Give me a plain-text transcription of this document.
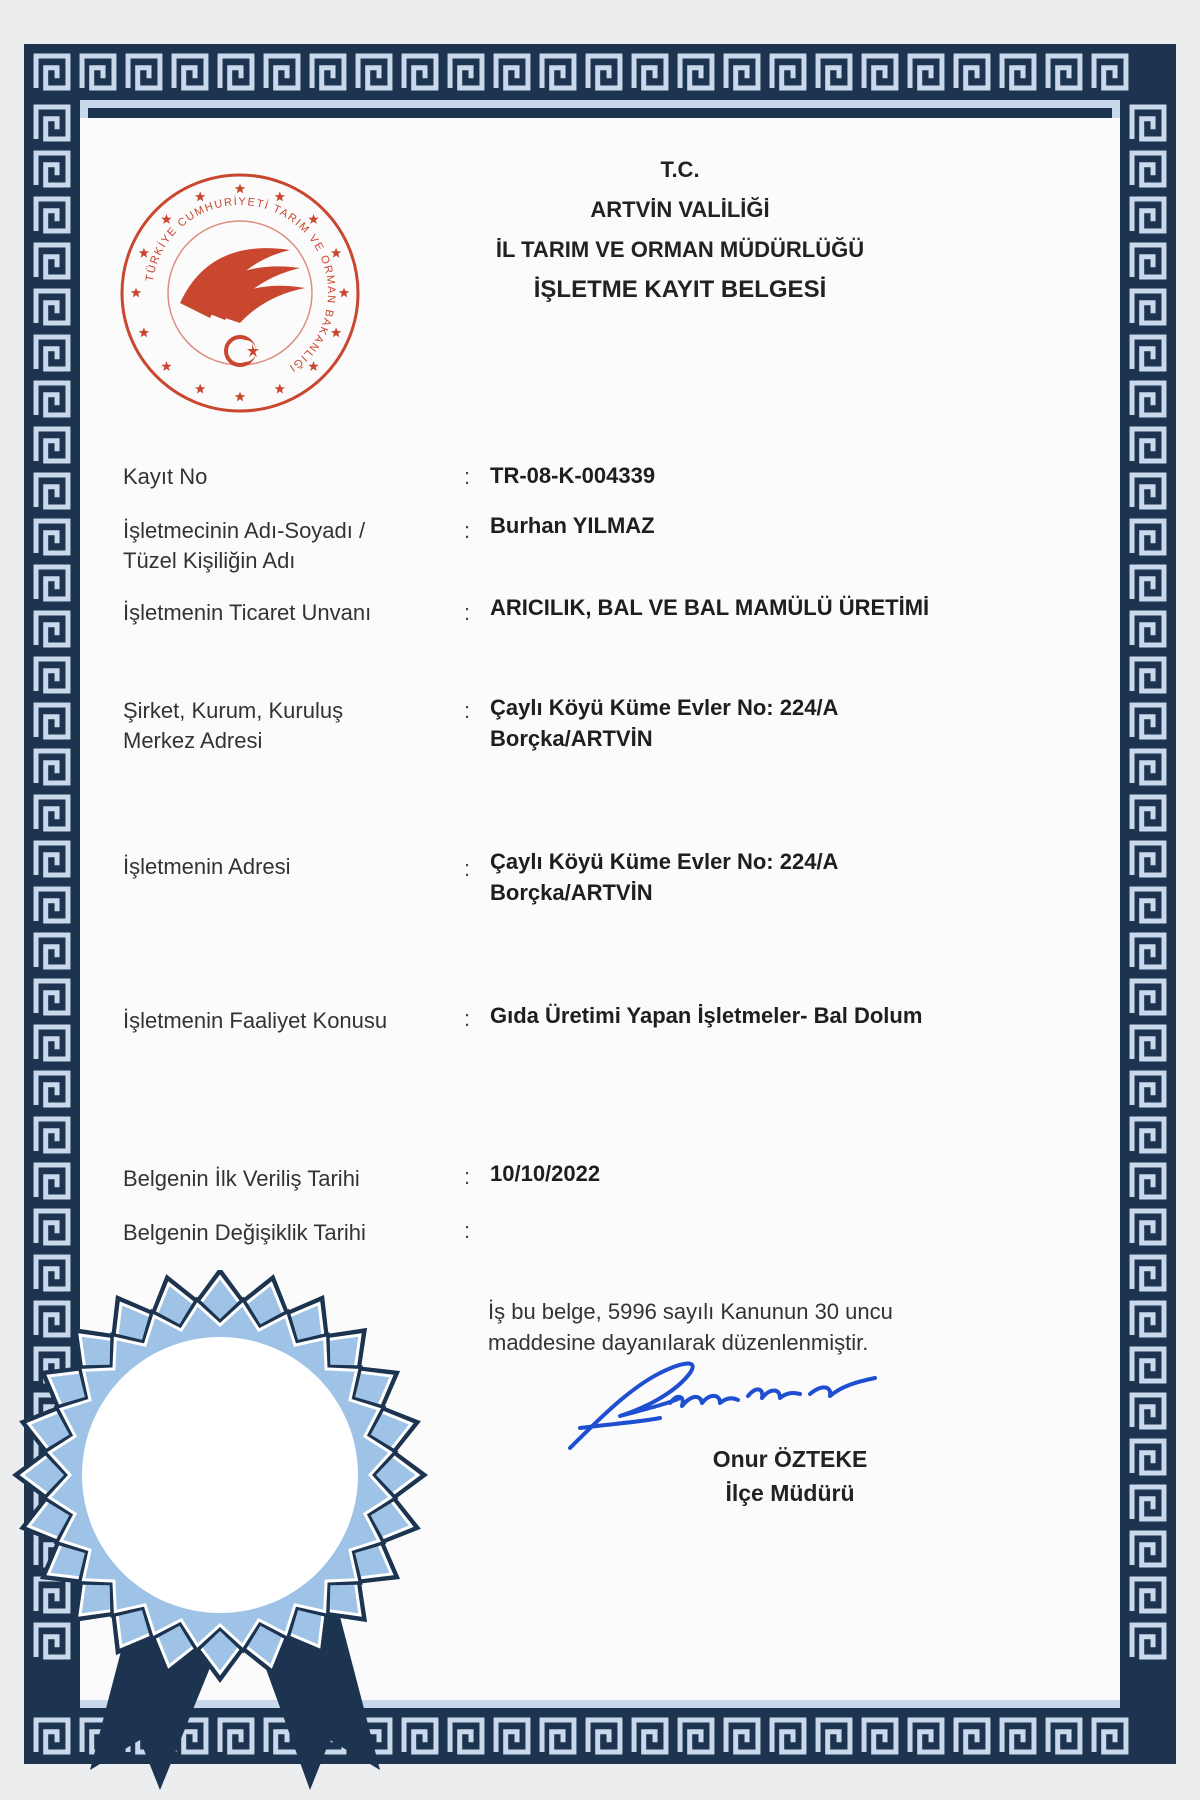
TÜRKİYE CUMHURİYETİ TARIM VE ORMAN BAKANLIĞI
T.C.
ARTVİN VALİLİĞİ
İL TARIM VE ORMAN MÜDÜRLÜĞÜ
İŞLETME KAYIT BELGESİ
Kayıt No	: TR-08-K-004339
İşletmecinin Adı-Soyadı /
Tüzel Kişiliğin Adı
: Burhan YILMAZ
İşletmenin Ticaret Unvanı	: ARICILIK, BAL VE BAL MAMÜLÜ ÜRETİMİ
Şirket, Kurum, Kuruluş
Merkez Adresi
: Çaylı Köyü Küme Evler No: 224/A
Borçka/ARTVİN
İşletmenin Adresi	: Çaylı Köyü Küme Evler No: 224/A
Borçka/ARTVİN
İşletmenin Faaliyet Konusu	: Gıda Üretimi Yapan İşletmeler- Bal Dolum
Belgenin İlk Veriliş Tarihi	: 10/10/2022
Belgenin Değişiklik Tarihi	:
İş bu belge, 5996 sayılı Kanunun 30 uncu
maddesine dayanılarak düzenlenmiştir.
Onur ÖZTEKE
İlçe Müdürü
